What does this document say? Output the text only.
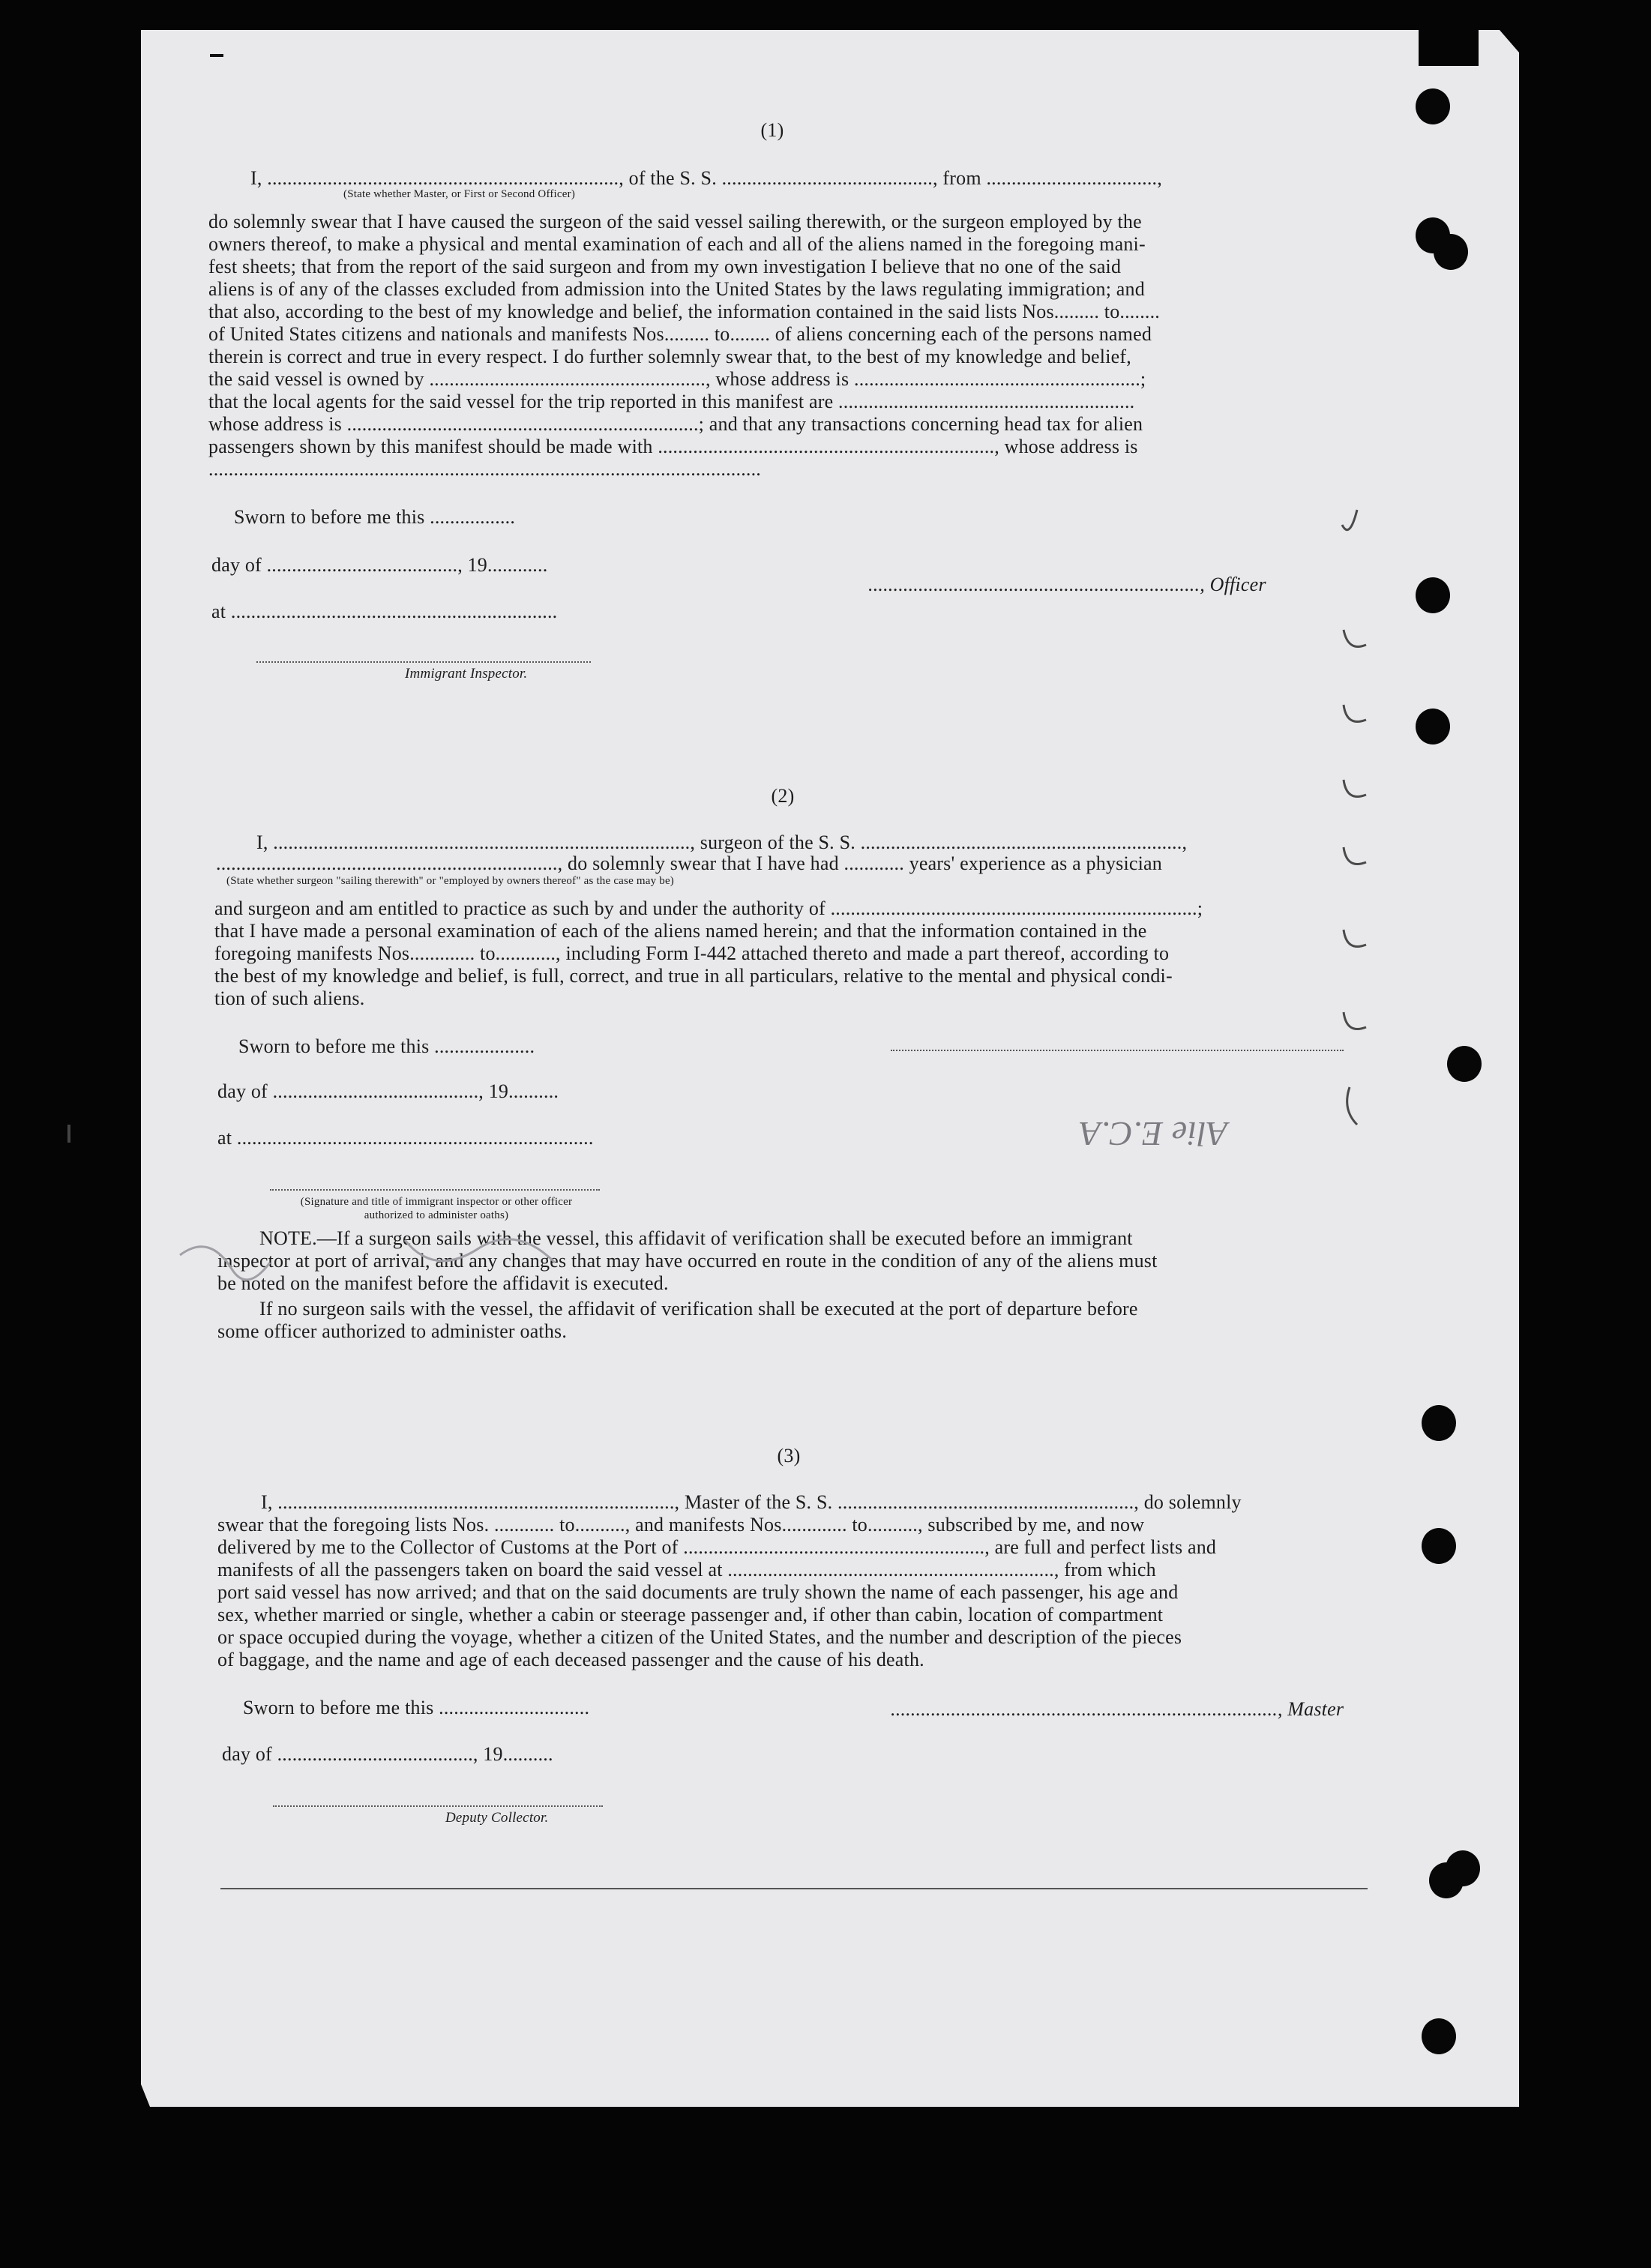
(1)
I, ......................................................................, of the S. S. .........................................., from ..................................,
(State whether Master, or First or Second Officer)
do solemnly swear that I have caused the surgeon of the said vessel sailing therewith, or the surgeon employed by the
owners thereof, to make a physical and mental examination of each and all of the aliens named in the foregoing mani-
fest sheets; that from the report of the said surgeon and from my own investigation I believe that no one of the said
aliens is of any of the classes excluded from admission into the United States by the laws regulating immigration; and
that also, according to the best of my knowledge and belief, the information contained in the said lists Nos......... to........
of United States citizens and nationals and manifests Nos......... to........ of aliens concerning each of the persons named
therein is correct and true in every respect. I do further solemnly swear that, to the best of my knowledge and belief,
the said vessel is owned by ......................................................., whose address is .........................................................;
that the local agents for the said vessel for the trip reported in this manifest are ...........................................................
whose address is ......................................................................; and that any transactions concerning head tax for alien
passengers shown by this manifest should be made with ..................................................................., whose address is
..............................................................................................................
Sworn to before me this .................
day of ......................................, 19............
at .................................................................
.................................................................., Officer
Immigrant Inspector.
(2)
I, ..................................................................................., surgeon of the S. S. ................................................................,
...................................................................., do solemnly swear that I have had ............ years' experience as a physician
(State whether surgeon "sailing therewith" or "employed by owners thereof" as the case may be)
and surgeon and am entitled to practice as such by and under the authority of .........................................................................;
that I have made a personal examination of each of the aliens named herein; and that the information contained in the
foregoing manifests Nos............. to............, including Form I-442 attached thereto and made a part thereof, according to
the best of my knowledge and belief, is full, correct, and true in all particulars, relative to the mental and physical condi-
tion of such aliens.
Sworn to before me this ....................
day of ........................................., 19..........
at .......................................................................
(Signature and title of immigrant inspector or other officer authorized to administer oaths)
NOTE.—If a surgeon sails with the vessel, this affidavit of verification shall be executed before an immigrant
inspector at port of arrival, and any changes that may have occurred en route in the condition of any of the aliens must
be noted on the manifest before the affidavit is executed.
If no surgeon sails with the vessel, the affidavit of verification shall be executed at the port of departure before
some officer authorized to administer oaths.
(3)
I, ..............................................................................., Master of the S. S. ..........................................................., do solemnly
swear that the foregoing lists Nos. ............ to.........., and manifests Nos............. to.........., subscribed by me, and now
delivered by me to the Collector of Customs at the Port of ............................................................, are full and perfect lists and
manifests of all the passengers taken on board the said vessel at ................................................................., from which
port said vessel has now arrived; and that on the said documents are truly shown the name of each passenger, his age and
sex, whether married or single, whether a cabin or steerage passenger and, if other than cabin, location of compartment
or space occupied during the voyage, whether a citizen of the United States, and the number and description of the pieces
of baggage, and the name and age of each deceased passenger and the cause of his death.
Sworn to before me this ..............................	............................................................................., Master
day of ......................................., 19..........
Deputy Collector.
Alie E.C.A
